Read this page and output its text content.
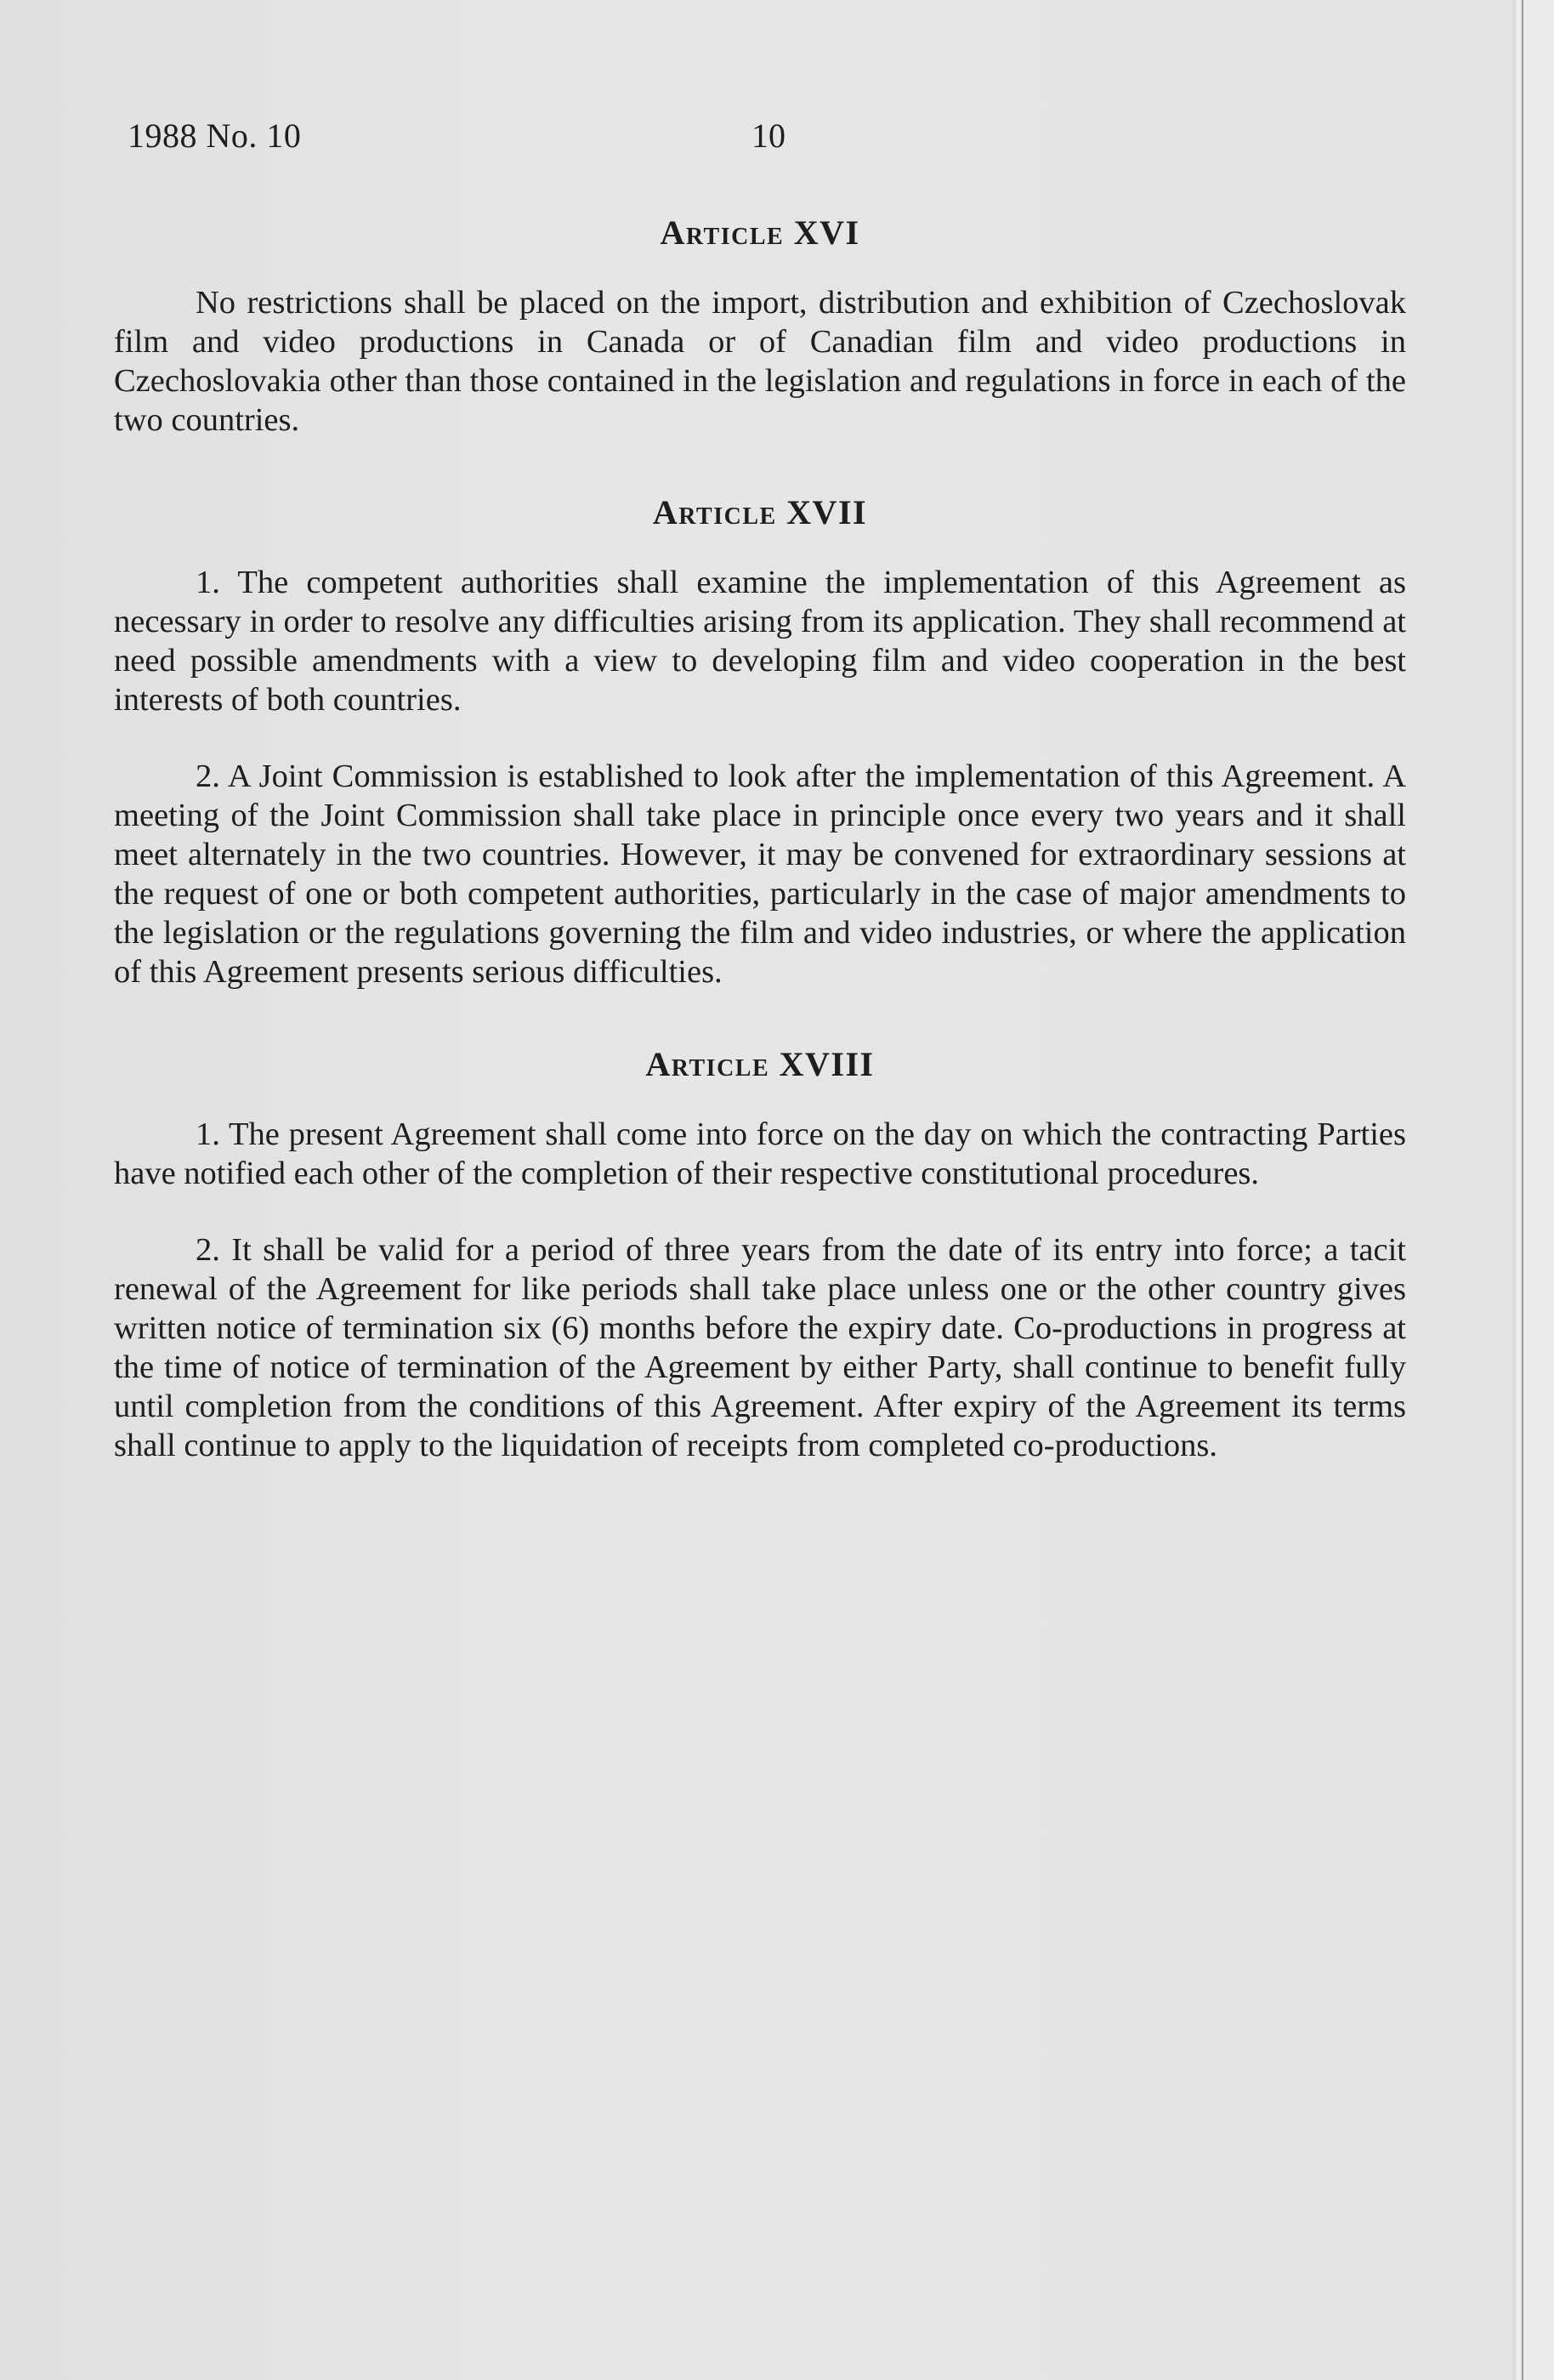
1988 No. 10	10
Article XVI

No restrictions shall be placed on the import, distribution and exhibition of Czechoslovak film and video productions in Canada or of Canadian film and video productions in Czechoslovakia other than those contained in the legislation and regulations in force in each of the two countries.

Article XVII

1. The competent authorities shall examine the implementation of this Agreement as necessary in order to resolve any difficulties arising from its application. They shall recommend at need possible amendments with a view to developing film and video cooperation in the best interests of both countries.

2. A Joint Commission is established to look after the implementation of this Agreement. A meeting of the Joint Commission shall take place in principle once every two years and it shall meet alternately in the two countries. However, it may be convened for extraordinary sessions at the request of one or both competent authorities, particularly in the case of major amendments to the legislation or the regulations governing the film and video industries, or where the application of this Agreement presents serious difficulties.

Article XVIII

1. The present Agreement shall come into force on the day on which the contracting Parties have notified each other of the completion of their respective constitutional procedures.

2. It shall be valid for a period of three years from the date of its entry into force; a tacit renewal of the Agreement for like periods shall take place unless one or the other country gives written notice of termination six (6) months before the expiry date. Co-productions in progress at the time of notice of termination of the Agreement by either Party, shall continue to benefit fully until completion from the conditions of this Agreement. After expiry of the Agreement its terms shall continue to apply to the liquidation of receipts from completed co-productions.
